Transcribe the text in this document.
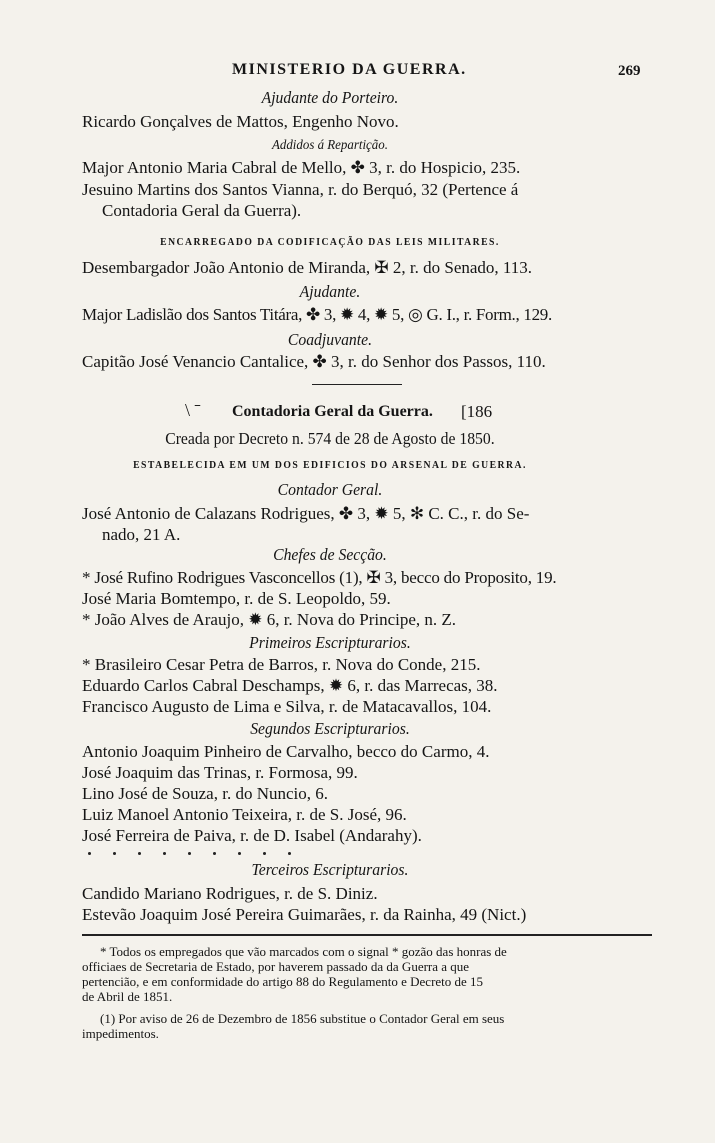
MINISTERIO DA GUERRA.	269
Ajudante do Porteiro.
Ricardo Gonçalves de Mattos, Engenho Novo.
Addidos á Repartição.
Major Antonio Maria Cabral de Mello, ✤ 3, r. do Hospicio, 235.
Jesuino Martins dos Santos Vianna, r. do Berquó, 32 (Pertence á
Contadoria Geral da Guerra).
ENCARREGADO DA CODIFICAÇÃO DAS LEIS MILITARES.
Desembargador João Antonio de Miranda, ✠ 2, r. do Senado, 113.
Ajudante.
Major Ladislão dos Santos Titára, ✤ 3, ✹ 4, ✹ 5, ◎ G. I., r. Form., 129.
Coadjuvante.
Capitão José Venancio Cantalice, ✤ 3, r. do Senhor dos Passos, 110.
\ ˉ Contadoria Geral da Guerra. [186
Creada por Decreto n. 574 de 28 de Agosto de 1850.
ESTABELECIDA EM UM DOS EDIFICIOS DO ARSENAL DE GUERRA.
Contador Geral.
José Antonio de Calazans Rodrigues, ✤ 3, ✹ 5, ✻ C. C., r. do Se-
nado, 21 A.
Chefes de Secção.
* José Rufino Rodrigues Vasconcellos (1), ✠ 3, becco do Proposito, 19.
José Maria Bomtempo, r. de S. Leopoldo, 59.
* João Alves de Araujo, ✹ 6, r. Nova do Principe, n. Z.
Primeiros Escripturarios.
* Brasileiro Cesar Petra de Barros, r. Nova do Conde, 215.
Eduardo Carlos Cabral Deschamps, ✹ 6, r. das Marrecas, 38.
Francisco Augusto de Lima e Silva, r. de Matacavallos, 104.
Segundos Escripturarios.
Antonio Joaquim Pinheiro de Carvalho, becco do Carmo, 4.
José Joaquim das Trinas, r. Formosa, 99.
Lino José de Souza, r. do Nuncio, 6.
Luiz Manoel Antonio Teixeira, r. de S. José, 96.
José Ferreira de Paiva, r. de D. Isabel (Andarahy).
Terceiros Escripturarios.
Candido Mariano Rodrigues, r. de S. Diniz.
Estevão Joaquim José Pereira Guimarães, r. da Rainha, 49 (Nict.)
* Todos os empregados que vão marcados com o signal * gozão das honras de
officiaes de Secretaria de Estado, por haverem passado da da Guerra a que
pertencião, e em conformidade do artigo 88 do Regulamento e Decreto de 15
de Abril de 1851.
(1) Por aviso de 26 de Dezembro de 1856 substitue o Contador Geral em seus
impedimentos.
